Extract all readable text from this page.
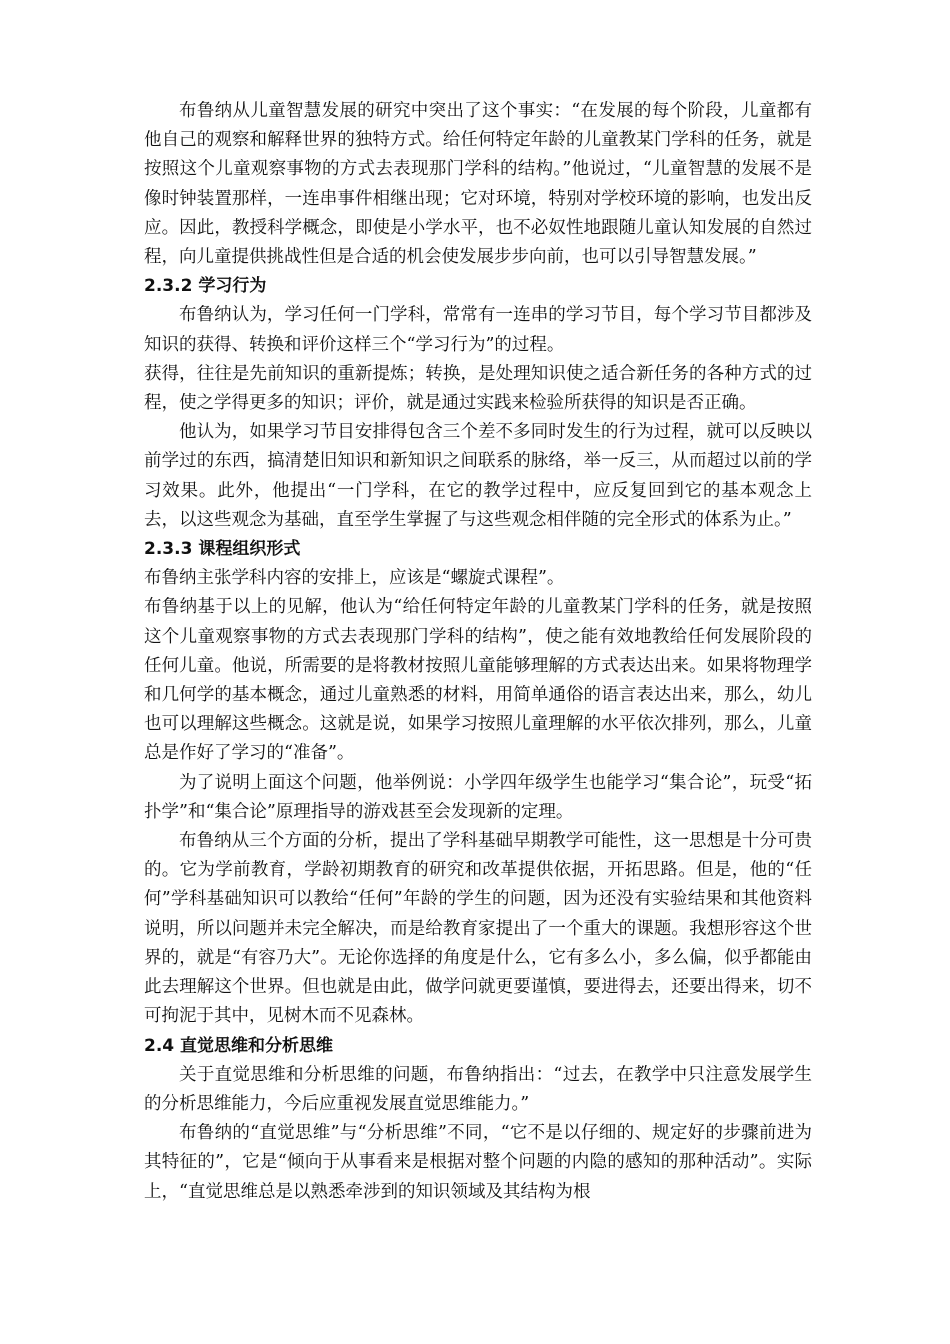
布鲁纳从儿童智慧发展的研究中突出了这个事实：“在发展的每个阶段，儿童都有他自己的观察和解释世界的独特方式。给任何特定年龄的儿童教某门学科的任务，就是按照这个儿童观察事物的方式去表现那门学科的结构。”他说过，“儿童智慧的发展不是像时钟装置那样，一连串事件相继出现；它对环境，特别对学校环境的影响，也发出反应。因此，教授科学概念，即使是小学水平，也不必奴性地跟随儿童认知发展的自然过程，向儿童提供挑战性但是合适的机会使发展步步向前，也可以引导智慧发展。”

2.3.2 学习行为

布鲁纳认为，学习任何一门学科，常常有一连串的学习节目，每个学习节目都涉及知识的获得、转换和评价这样三个“学习行为”的过程。

获得，往往是先前知识的重新提炼；转换，是处理知识使之适合新任务的各种方式的过程，使之学得更多的知识；评价，就是通过实践来检验所获得的知识是否正确。

他认为，如果学习节目安排得包含三个差不多同时发生的行为过程，就可以反映以前学过的东西，搞清楚旧知识和新知识之间联系的脉络，举一反三，从而超过以前的学习效果。此外，他提出“一门学科，在它的教学过程中，应反复回到它的基本观念上去，以这些观念为基础，直至学生掌握了与这些观念相伴随的完全形式的体系为止。”

2.3.3 课程组织形式

布鲁纳主张学科内容的安排上，应该是“螺旋式课程”。

布鲁纳基于以上的见解，他认为“给任何特定年龄的儿童教某门学科的任务，就是按照这个儿童观察事物的方式去表现那门学科的结构”，使之能有效地教给任何发展阶段的任何儿童。他说，所需要的是将教材按照儿童能够理解的方式表达出来。如果将物理学和几何学的基本概念，通过儿童熟悉的材料，用简单通俗的语言表达出来，那么，幼儿也可以理解这些概念。这就是说，如果学习按照儿童理解的水平依次排列，那么，儿童总是作好了学习的“准备”。

为了说明上面这个问题，他举例说：小学四年级学生也能学习“集合论”，玩受“拓扑学”和“集合论”原理指导的游戏甚至会发现新的定理。

布鲁纳从三个方面的分析，提出了学科基础早期教学可能性，这一思想是十分可贵的。它为学前教育，学龄初期教育的研究和改革提供依据，开拓思路。但是，他的“任何”学科基础知识可以教给“任何”年龄的学生的问题，因为还没有实验结果和其他资料说明，所以问题并未完全解决，而是给教育家提出了一个重大的课题。我想形容这个世界的，就是“有容乃大”。无论你选择的角度是什么，它有多么小，多么偏，似乎都能由此去理解这个世界。但也就是由此，做学问就更要谨慎，要进得去，还要出得来，切不可拘泥于其中，见树木而不见森林。

2.4 直觉思维和分析思维

关于直觉思维和分析思维的问题，布鲁纳指出：“过去，在教学中只注意发展学生的分析思维能力，今后应重视发展直觉思维能力。”

布鲁纳的“直觉思维”与“分析思维”不同，“它不是以仔细的、规定好的步骤前进为其特征的”，它是“倾向于从事看来是根据对整个问题的内隐的感知的那种活动”。实际上，“直觉思维总是以熟悉牵涉到的知识领域及其结构为根
